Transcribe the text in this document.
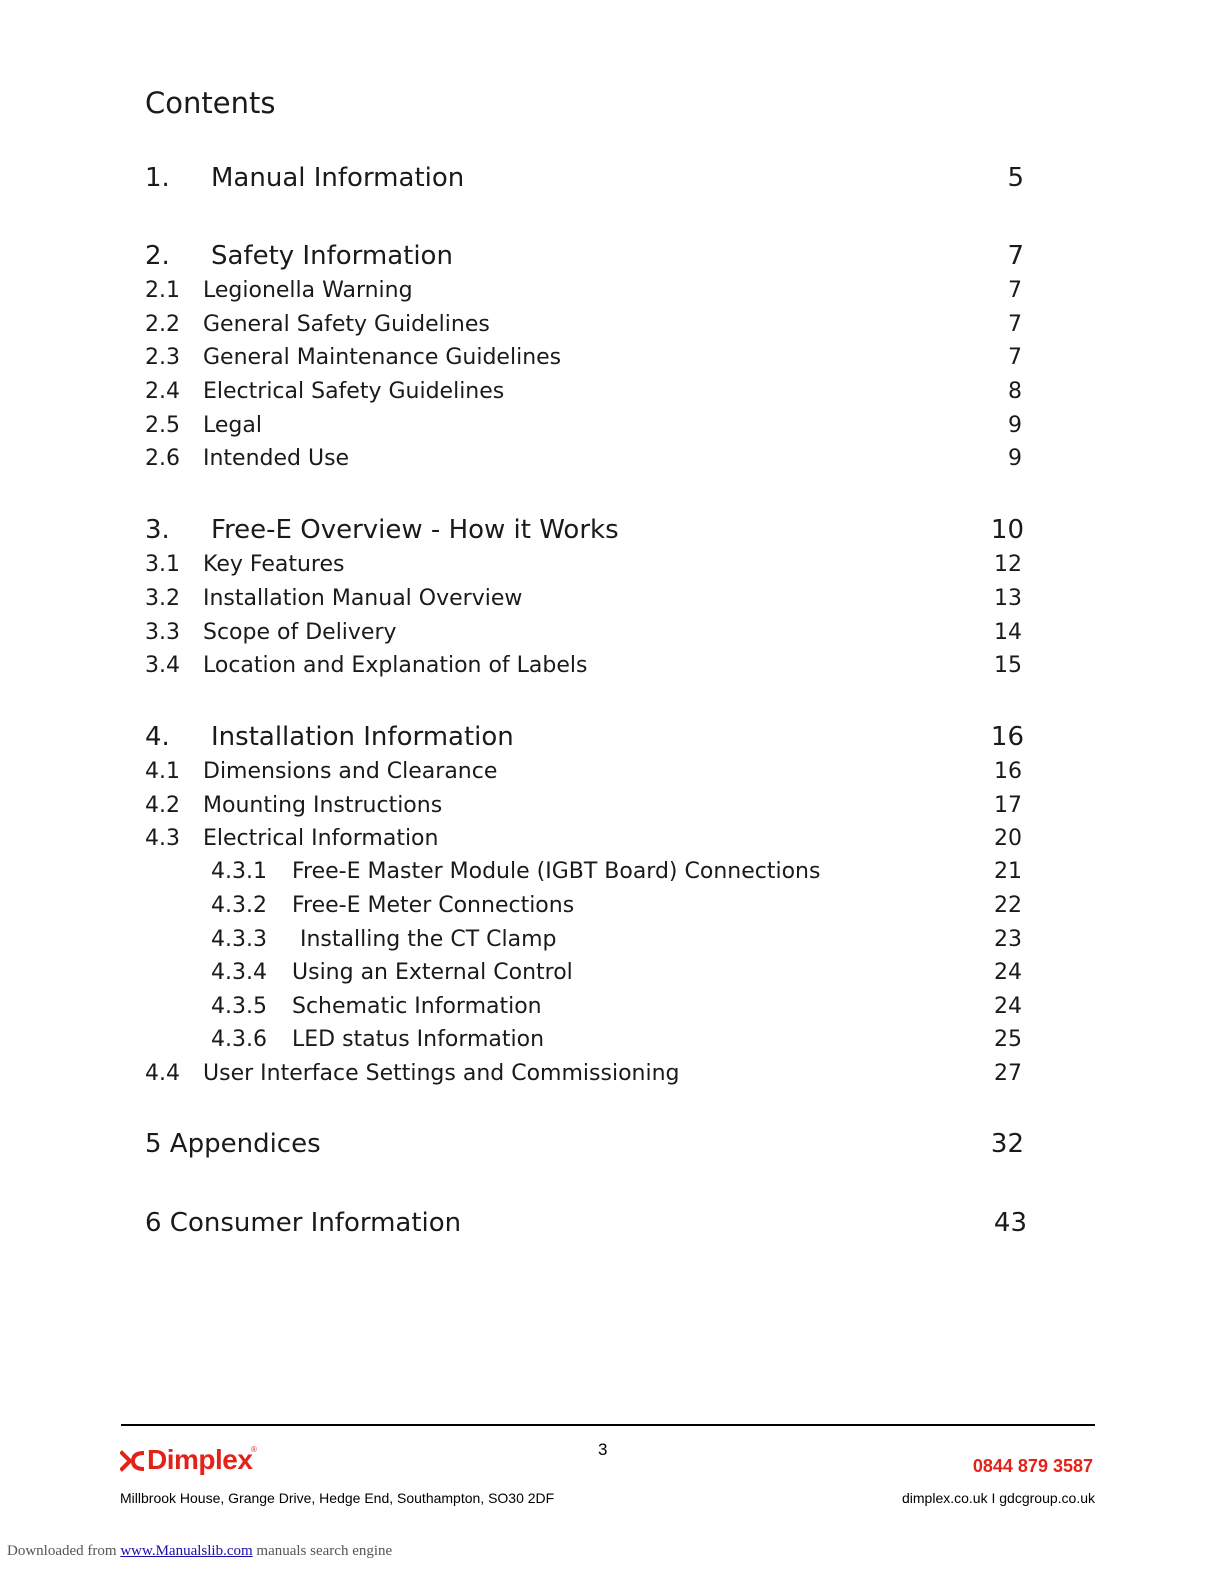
Contents
1. Manual Information	5
2. Safety Information	7
2.1 Legionella Warning	7
2.2 General Safety Guidelines	7
2.3 General Maintenance Guidelines	7
2.4 Electrical Safety Guidelines	8
2.5 Legal	9
2.6 Intended Use	9
3. Free-E Overview - How it Works	10
3.1 Key Features	12
3.2 Installation Manual Overview	13
3.3 Scope of Delivery	14
3.4 Location and Explanation of Labels	15
4. Installation Information	16
4.1 Dimensions and Clearance	16
4.2 Mounting Instructions	17
4.3 Electrical Information	20
4.3.1 Free-E Master Module (IGBT Board) Connections	21
4.3.2 Free-E Meter Connections	22
4.3.3 Installing the CT Clamp	23
4.3.4 Using an External Control	24
4.3.5 Schematic Information	24
4.3.6 LED status Information	25
4.4 User Interface Settings and Commissioning	27
5 Appendices	32
6 Consumer Information	43
Dimplex
®	3
0844 879 3587
Millbrook House, Grange Drive, Hedge End, Southampton, SO30 2DF	dimplex.co.uk I gdcgroup.co.uk
Downloaded from www.Manualslib.com manuals search engine
